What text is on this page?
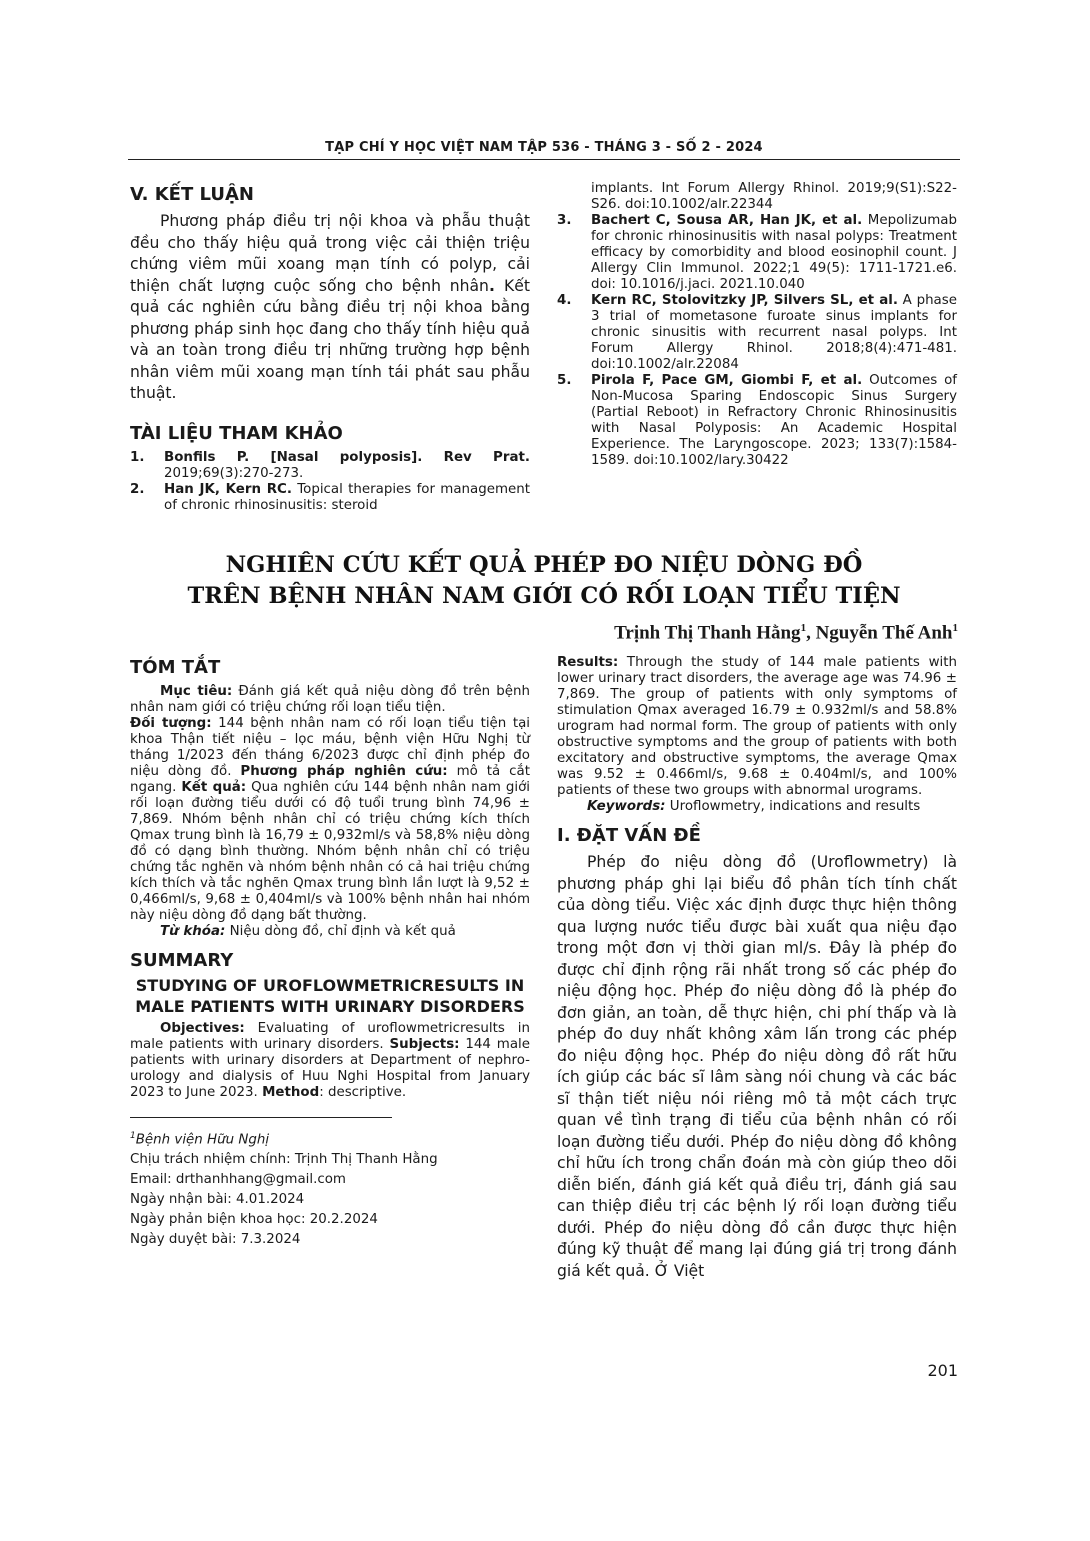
TẠP CHÍ Y HỌC VIỆT NAM TẬP 536 - THÁNG 3 - SỐ 2 - 2024
V. KẾT LUẬN

Phương pháp điều trị nội khoa và phẫu thuật đều cho thấy hiệu quả trong việc cải thiện triệu chứng viêm mũi xoang mạn tính có polyp, cải thiện chất lượng cuộc sống cho bệnh nhân. Kết quả các nghiên cứu bằng điều trị nội khoa bằng phương pháp sinh học đang cho thấy tính hiệu quả và an toàn trong điều trị những trường hợp bệnh nhân viêm mũi xoang mạn tính tái phát sau phẫu thuật.

TÀI LIỆU THAM KHẢO
1. Bonfils P. [Nasal polyposis]. Rev Prat. 2019;69(3):270-273.
2. Han JK, Kern RC. Topical therapies for management of chronic rhinosinusitis: steroid

implants. Int Forum Allergy Rhinol. 2019;9(S1):S22-S26. doi:10.1002/alr.22344

3. Bachert C, Sousa AR, Han JK, et al. Mepolizumab for chronic rhinosinusitis with nasal polyps: Treatment efficacy by comorbidity and blood eosinophil count. J Allergy Clin Immunol. 2022;1 49(5): 1711-1721.e6. doi: 10.1016/j.jaci. 2021.10.040
4. Kern RC, Stolovitzky JP, Silvers SL, et al. A phase 3 trial of mometasone furoate sinus implants for chronic sinusitis with recurrent nasal polyps. Int Forum Allergy Rhinol. 2018;8(4):471-481. doi:10.1002/alr.22084
5. Pirola F, Pace GM, Giombi F, et al. Outcomes of Non-Mucosa Sparing Endoscopic Sinus Surgery (Partial Reboot) in Refractory Chronic Rhinosinusitis with Nasal Polyposis: An Academic Hospital Experience. The Laryngoscope. 2023; 133(7):1584-1589. doi:10.1002/lary.30422
NGHIÊN CỨU KẾT QUẢ PHÉP ĐO NIỆU DÒNG ĐỒ
TRÊN BỆNH NHÂN NAM GIỚI CÓ RỐI LOẠN TIỂU TIỆN
Trịnh Thị Thanh Hằng$^1$, Nguyễn Thế Anh$^1$
TÓM TẮT

Mục tiêu: Đánh giá kết quả niệu dòng đồ trên bệnh nhân nam giới có triệu chứng rối loạn tiểu tiện.
Đối tượng: 144 bệnh nhân nam có rối loạn tiểu tiện tại khoa Thận tiết niệu – lọc máu, bệnh viện Hữu Nghị từ tháng 1/2023 đến tháng 6/2023 được chỉ định phép đo niệu dòng đồ. Phương pháp nghiên cứu: mô tả cắt ngang. Kết quả: Qua nghiên cứu 144 bệnh nhân nam giới rối loạn đường tiểu dưới có độ tuổi trung bình 74,96 ± 7,869. Nhóm bệnh nhân chỉ có triệu chứng kích thích Qmax trung bình là 16,79 ± 0,932ml/s và 58,8% niệu dòng đồ có dạng bình thường. Nhóm bệnh nhân chỉ có triệu chứng tắc nghẽn và nhóm bệnh nhân có cả hai triệu chứng kích thích và tắc nghẽn Qmax trung bình lần lượt là 9,52 ± 0,466ml/s, 9,68 ± 0,404ml/s và 100% bệnh nhân hai nhóm này niệu dòng đồ dạng bất thường.

Từ khóa: Niệu dòng đồ, chỉ định và kết quả

SUMMARY
STUDYING OF UROFLOWMETRICRESULTS IN MALE PATIENTS WITH URINARY DISORDERS

Objectives: Evaluating of uroflowmetricresults in male patients with urinary disorders. Subjects: 144 male patients with urinary disorders at Department of nephro-urology and dialysis of Huu Nghi Hospital from January 2023 to June 2023. Method: descriptive.

$^1$Bệnh viện Hữu Nghị

Chịu trách nhiệm chính: Trịnh Thị Thanh Hằng

Email: drthanhhang@gmail.com

Ngày nhận bài: 4.01.2024

Ngày phản biện khoa học: 20.2.2024

Ngày duyệt bài: 7.3.2024

Results: Through the study of 144 male patients with lower urinary tract disorders, the average age was 74.96 ± 7,869. The group of patients with only symptoms of stimulation Qmax averaged 16.79 ± 0.932ml/s and 58.8% urogram had normal form. The group of patients with only obstructive symptoms and the group of patients with both excitatory and obstructive symptoms, the average Qmax was 9.52 ± 0.466ml/s, 9.68 ± 0.404ml/s, and 100% patients of these two groups with abnormal urograms.

Keywords: Uroflowmetry, indications and results

I. ĐẶT VẤN ĐỀ

Phép đo niệu dòng đồ (Uroflowmetry) là phương pháp ghi lại biểu đồ phân tích tính chất của dòng tiểu. Việc xác định được thực hiện thông qua lượng nước tiểu được bài xuất qua niệu đạo trong một đơn vị thời gian ml/s. Đây là phép đo được chỉ định rộng rãi nhất trong số các phép đo niệu động học. Phép đo niệu dòng đồ là phép đo đơn giản, an toàn, dễ thực hiện, chi phí thấp và là phép đo duy nhất không xâm lấn trong các phép đo niệu động học. Phép đo niệu dòng đồ rất hữu ích giúp các bác sĩ lâm sàng nói chung và các bác sĩ thận tiết niệu nói riêng mô tả một cách trực quan về tình trạng đi tiểu của bệnh nhân có rối loạn đường tiểu dưới. Phép đo niệu dòng đồ không chỉ hữu ích trong chẩn đoán mà còn giúp theo dõi diễn biến, đánh giá kết quả điều trị, đánh giá sau can thiệp điều trị các bệnh lý rối loạn đường tiểu dưới. Phép đo niệu dòng đồ cần được thực hiện đúng kỹ thuật để mang lại đúng giá trị trong đánh giá kết quả. Ở Việt

201
